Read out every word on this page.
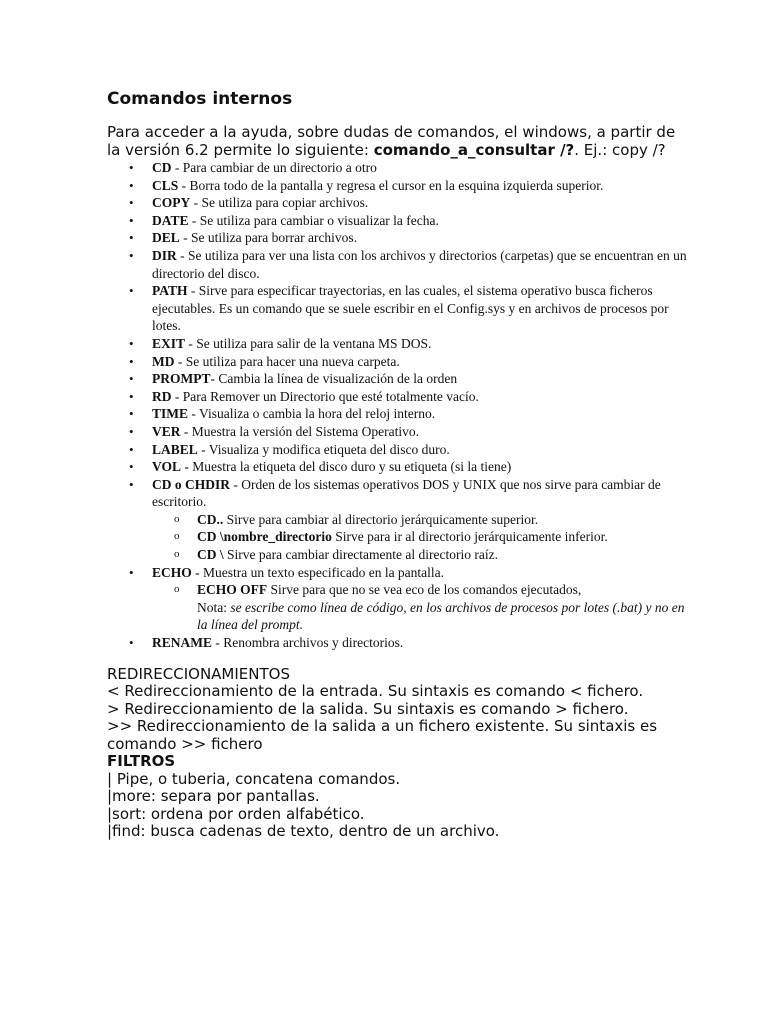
Comandos internos

Para acceder a la ayuda, sobre dudas de comandos, el windows, a partir de la versión 6.2 permite lo siguiente: comando_a_consultar /?. Ej.: copy /?

• CD - Para cambiar de un directorio a otro
• CLS - Borra todo de la pantalla y regresa el cursor en la esquina izquierda superior.
• COPY - Se utiliza para copiar archivos.
• DATE - Se utiliza para cambiar o visualizar la fecha.
• DEL - Se utiliza para borrar archivos.
• DIR - Se utiliza para ver una lista con los archivos y directorios (carpetas) que se encuentran en un directorio del disco.
• PATH - Sirve para especificar trayectorias, en las cuales, el sistema operativo busca ficheros ejecutables. Es un comando que se suele escribir en el Config.sys y en archivos de procesos por lotes.
• EXIT - Se utiliza para salir de la ventana MS DOS.
• MD - Se utiliza para hacer una nueva carpeta.
• PROMPT- Cambia la línea de visualización de la orden
• RD - Para Remover un Directorio que esté totalmente vacío.
• TIME - Visualiza o cambia la hora del reloj interno.
• VER - Muestra la versión del Sistema Operativo.
• LABEL - Visualiza y modifica etiqueta del disco duro.
• VOL - Muestra la etiqueta del disco duro y su etiqueta (si la tiene)
• CD o CHDIR - Orden de los sistemas operativos DOS y UNIX que nos sirve para cambiar de escritorio.
o CD.. Sirve para cambiar al directorio jerárquicamente superior.
o CD \nombre_directorio Sirve para ir al directorio jerárquicamente inferior.
o CD \ Sirve para cambiar directamente al directorio raíz.
• ECHO - Muestra un texto especificado en la pantalla.
o ECHO OFF Sirve para que no se vea eco de los comandos ejecutados,
Nota: se escribe como línea de código, en los archivos de procesos por lotes (.bat) y no en la línea del prompt.
• RENAME - Renombra archivos y directorios.

REDIRECCIONAMIENTOS

< Redireccionamiento de la entrada. Su sintaxis es comando < fichero.

> Redireccionamiento de la salida. Su sintaxis es comando > fichero.

>> Redireccionamiento de la salida a un fichero existente. Su sintaxis es comando >> fichero

FILTROS

| Pipe, o tuberia, concatena comandos.

|more: separa por pantallas.

|sort: ordena por orden alfabético.

|find: busca cadenas de texto, dentro de un archivo.
